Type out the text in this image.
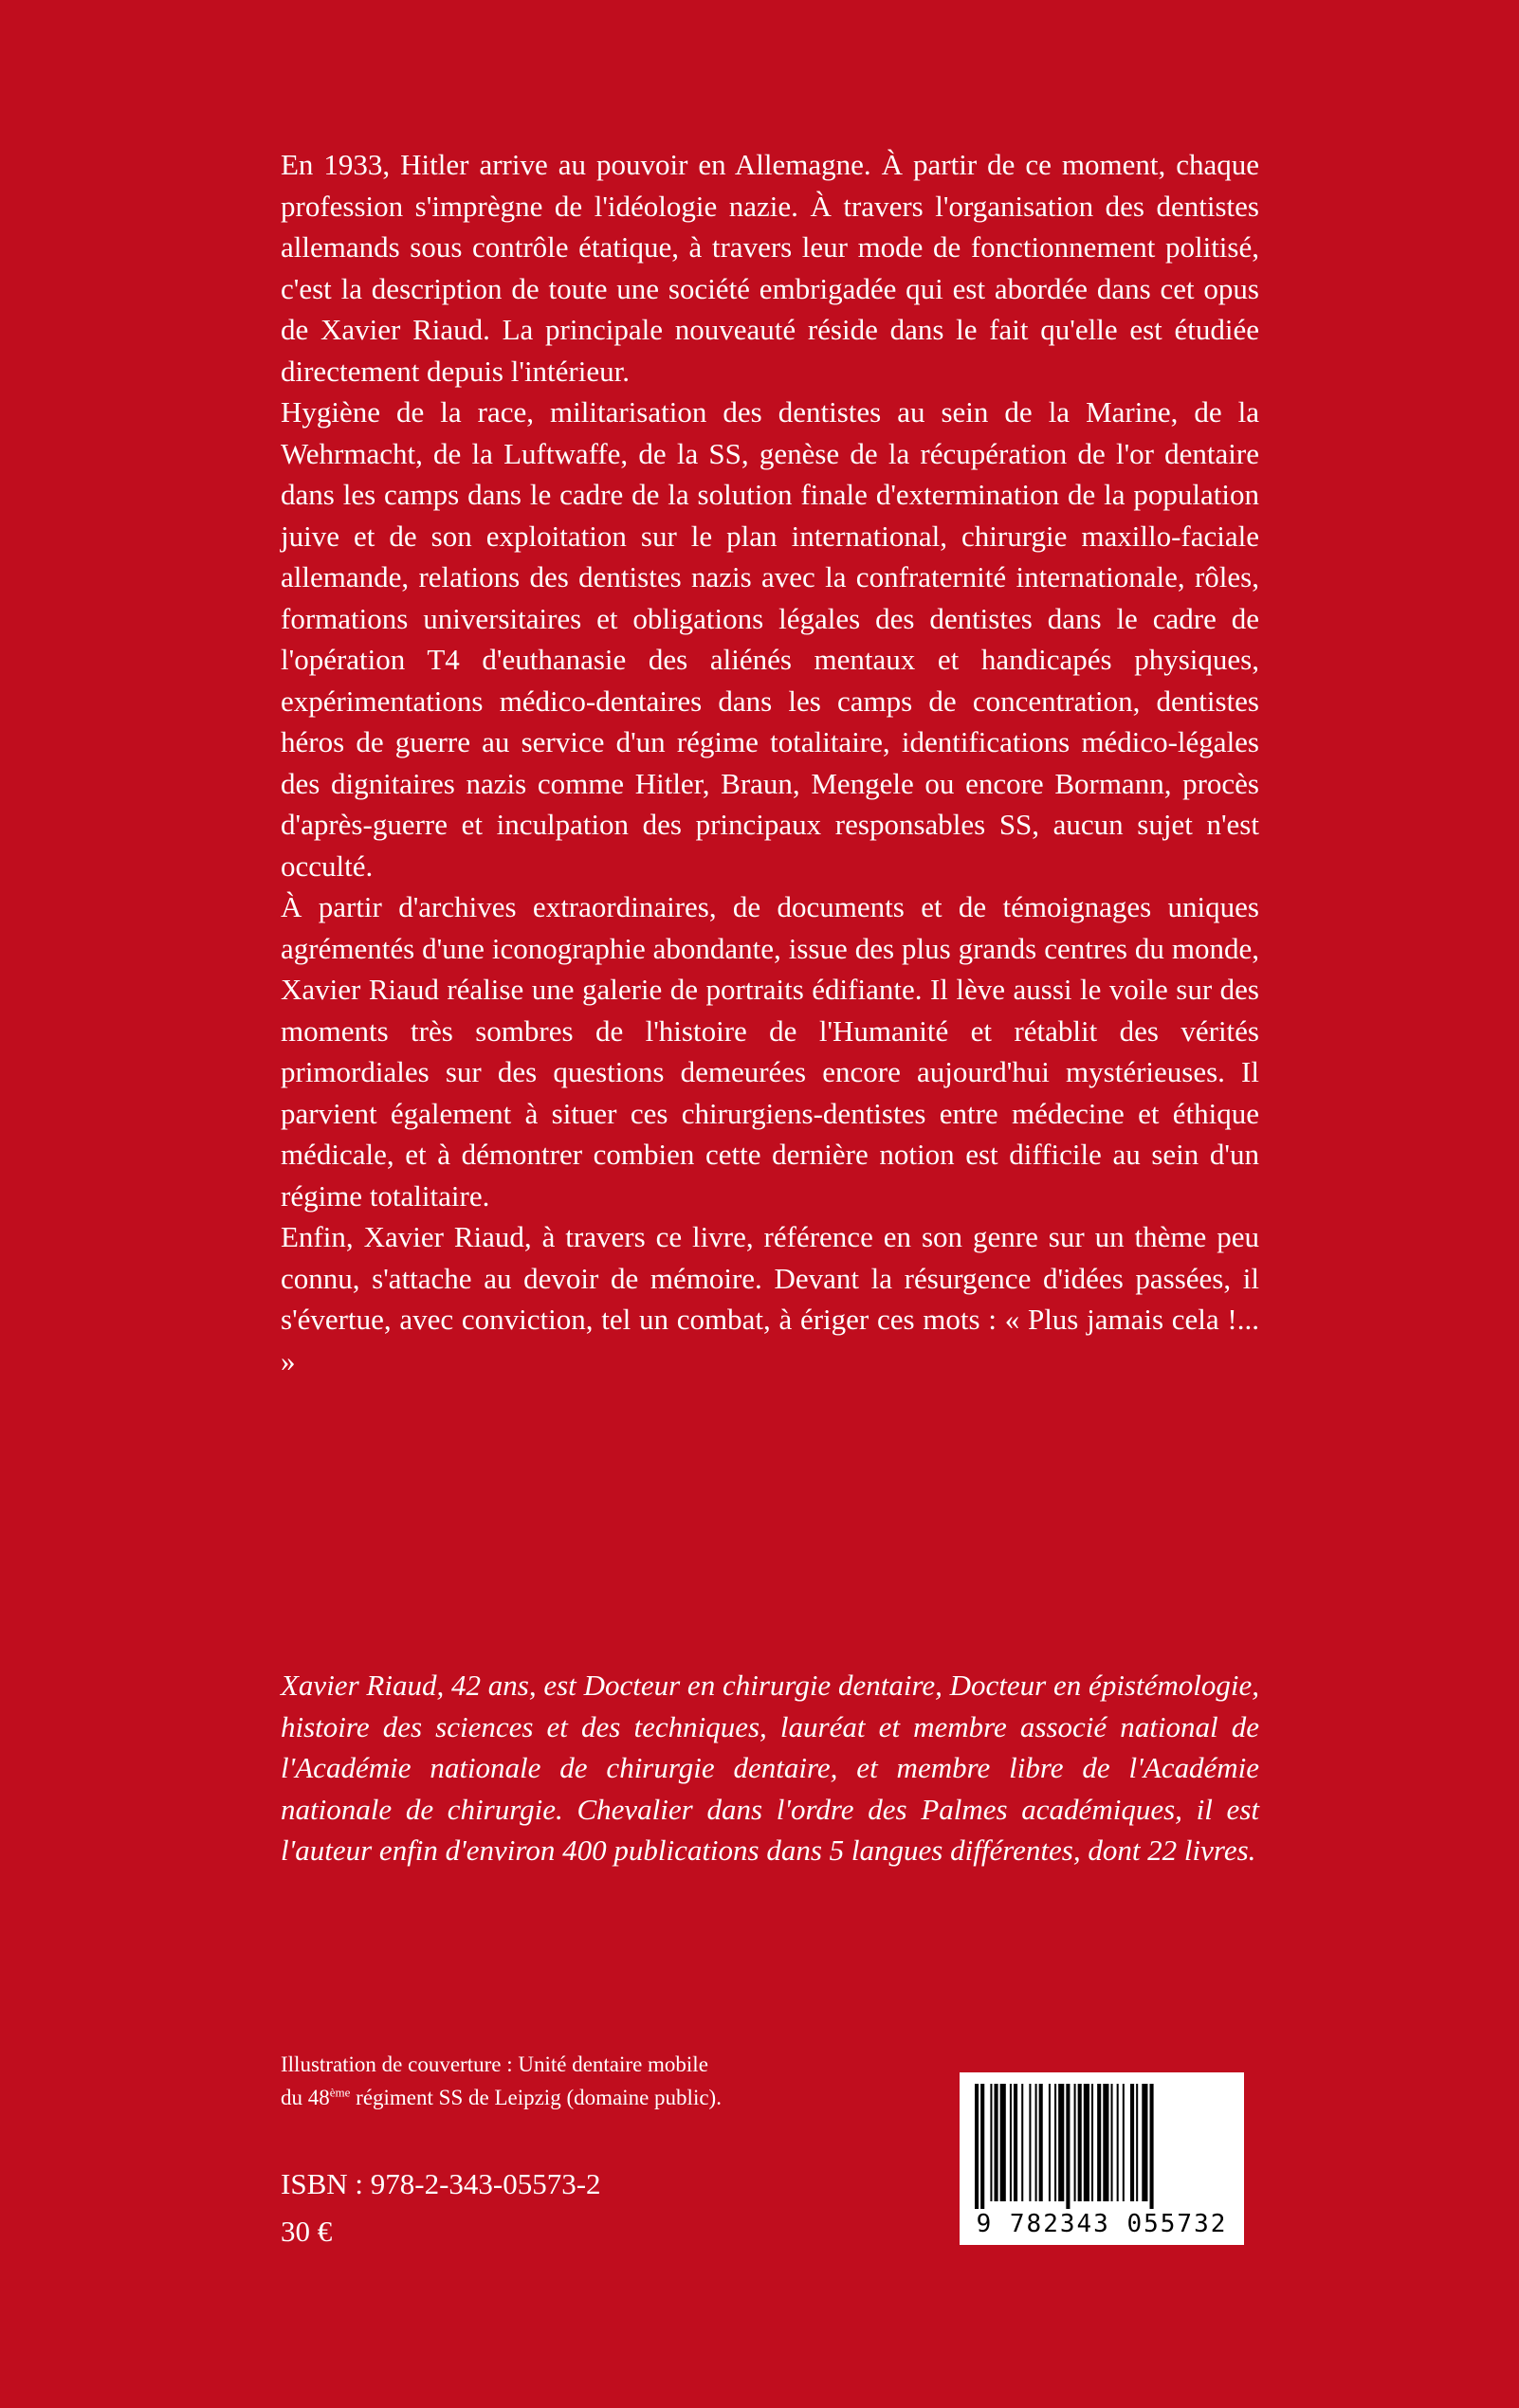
En 1933, Hitler arrive au pouvoir en Allemagne. À partir de ce moment, chaque profession s'imprègne de l'idéologie nazie. À travers l'organisation des dentistes allemands sous contrôle étatique, à travers leur mode de fonctionnement politisé, c'est la description de toute une société embrigadée qui est abordée dans cet opus de Xavier Riaud. La principale nouveauté réside dans le fait qu'elle est étudiée directement depuis l'intérieur.

Hygiène de la race, militarisation des dentistes au sein de la Marine, de la Wehrmacht, de la Luftwaffe, de la SS, genèse de la récupération de l'or dentaire dans les camps dans le cadre de la solution finale d'extermination de la population juive et de son exploitation sur le plan international, chirurgie maxillo-faciale allemande, relations des dentistes nazis avec la confraternité internationale, rôles, formations universitaires et obligations légales des dentistes dans le cadre de l'opération T4 d'euthanasie des aliénés mentaux et handicapés physiques, expérimentations médico-dentaires dans les camps de concentration, dentistes héros de guerre au service d'un régime totalitaire, identifications médico-légales des dignitaires nazis comme Hitler, Braun, Mengele ou encore Bormann, procès d'après-guerre et inculpation des principaux responsables SS, aucun sujet n'est occulté.

À partir d'archives extraordinaires, de documents et de témoignages uniques agrémentés d'une iconographie abondante, issue des plus grands centres du monde, Xavier Riaud réalise une galerie de portraits édifiante. Il lève aussi le voile sur des moments très sombres de l'histoire de l'Humanité et rétablit des vérités primordiales sur des questions demeurées encore aujourd'hui mystérieuses. Il parvient également à situer ces chirurgiens-dentistes entre médecine et éthique médicale, et à démontrer combien cette dernière notion est difficile au sein d'un régime totalitaire.

Enfin, Xavier Riaud, à travers ce livre, référence en son genre sur un thème peu connu, s'attache au devoir de mémoire. Devant la résurgence d'idées passées, il s'évertue, avec conviction, tel un combat, à ériger ces mots : « Plus jamais cela !... »

Xavier Riaud, 42 ans, est Docteur en chirurgie dentaire, Docteur en épistémologie, histoire des sciences et des techniques, lauréat et membre associé national de l'Académie nationale de chirurgie dentaire, et membre libre de l'Académie nationale de chirurgie. Chevalier dans l'ordre des Palmes académiques, il est l'auteur enfin d'environ 400 publications dans 5 langues différentes, dont 22 livres.
Illustration de couverture : Unité dentaire mobile
du 48ème régiment SS de Leipzig (domaine public).
ISBN : 978-2-343-05573-2
30 €	9 782343 055732
